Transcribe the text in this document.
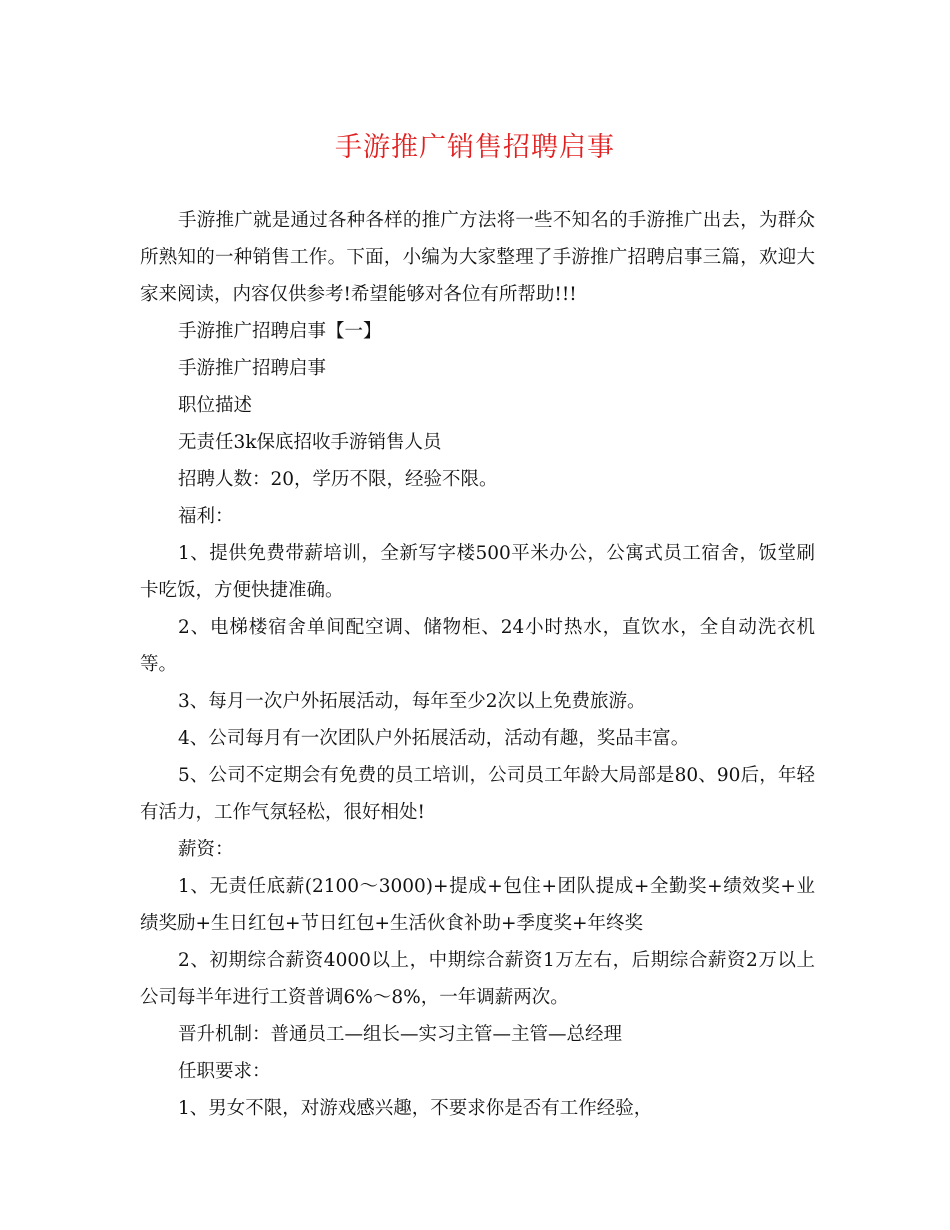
手游推广销售招聘启事

手游推广就是通过各种各样的推广方法将一些不知名的手游推广出去，为群众所熟知的一种销售工作。下面，小编为大家整理了手游推广招聘启事三篇，欢迎大家来阅读，内容仅供参考!希望能够对各位有所帮助!!!

手游推广招聘启事【一】

手游推广招聘启事

职位描述

无责任3k保底招收手游销售人员

招聘人数：20，学历不限，经验不限。

福利：

1、提供免费带薪培训，全新写字楼500平米办公，公寓式员工宿舍，饭堂刷卡吃饭，方便快捷准确。

2、电梯楼宿舍单间配空调、储物柜、24小时热水，直饮水，全自动洗衣机等。

3、每月一次户外拓展活动，每年至少2次以上免费旅游。

4、公司每月有一次团队户外拓展活动，活动有趣，奖品丰富。

5、公司不定期会有免费的员工培训，公司员工年龄大局部是80、90后，年轻有活力，工作气氛轻松，很好相处!

薪资：

1、无责任底薪(2100～3000)+提成+包住+团队提成+全勤奖+绩效奖+业绩奖励+生日红包+节日红包+生活伙食补助+季度奖+年终奖

2、初期综合薪资4000以上，中期综合薪资1万左右，后期综合薪资2万以上公司每半年进行工资普调6%～8%，一年调薪两次。

晋升机制：普通员工—组长—实习主管—主管—总经理

任职要求：

1、男女不限，对游戏感兴趣，不要求你是否有工作经验，
